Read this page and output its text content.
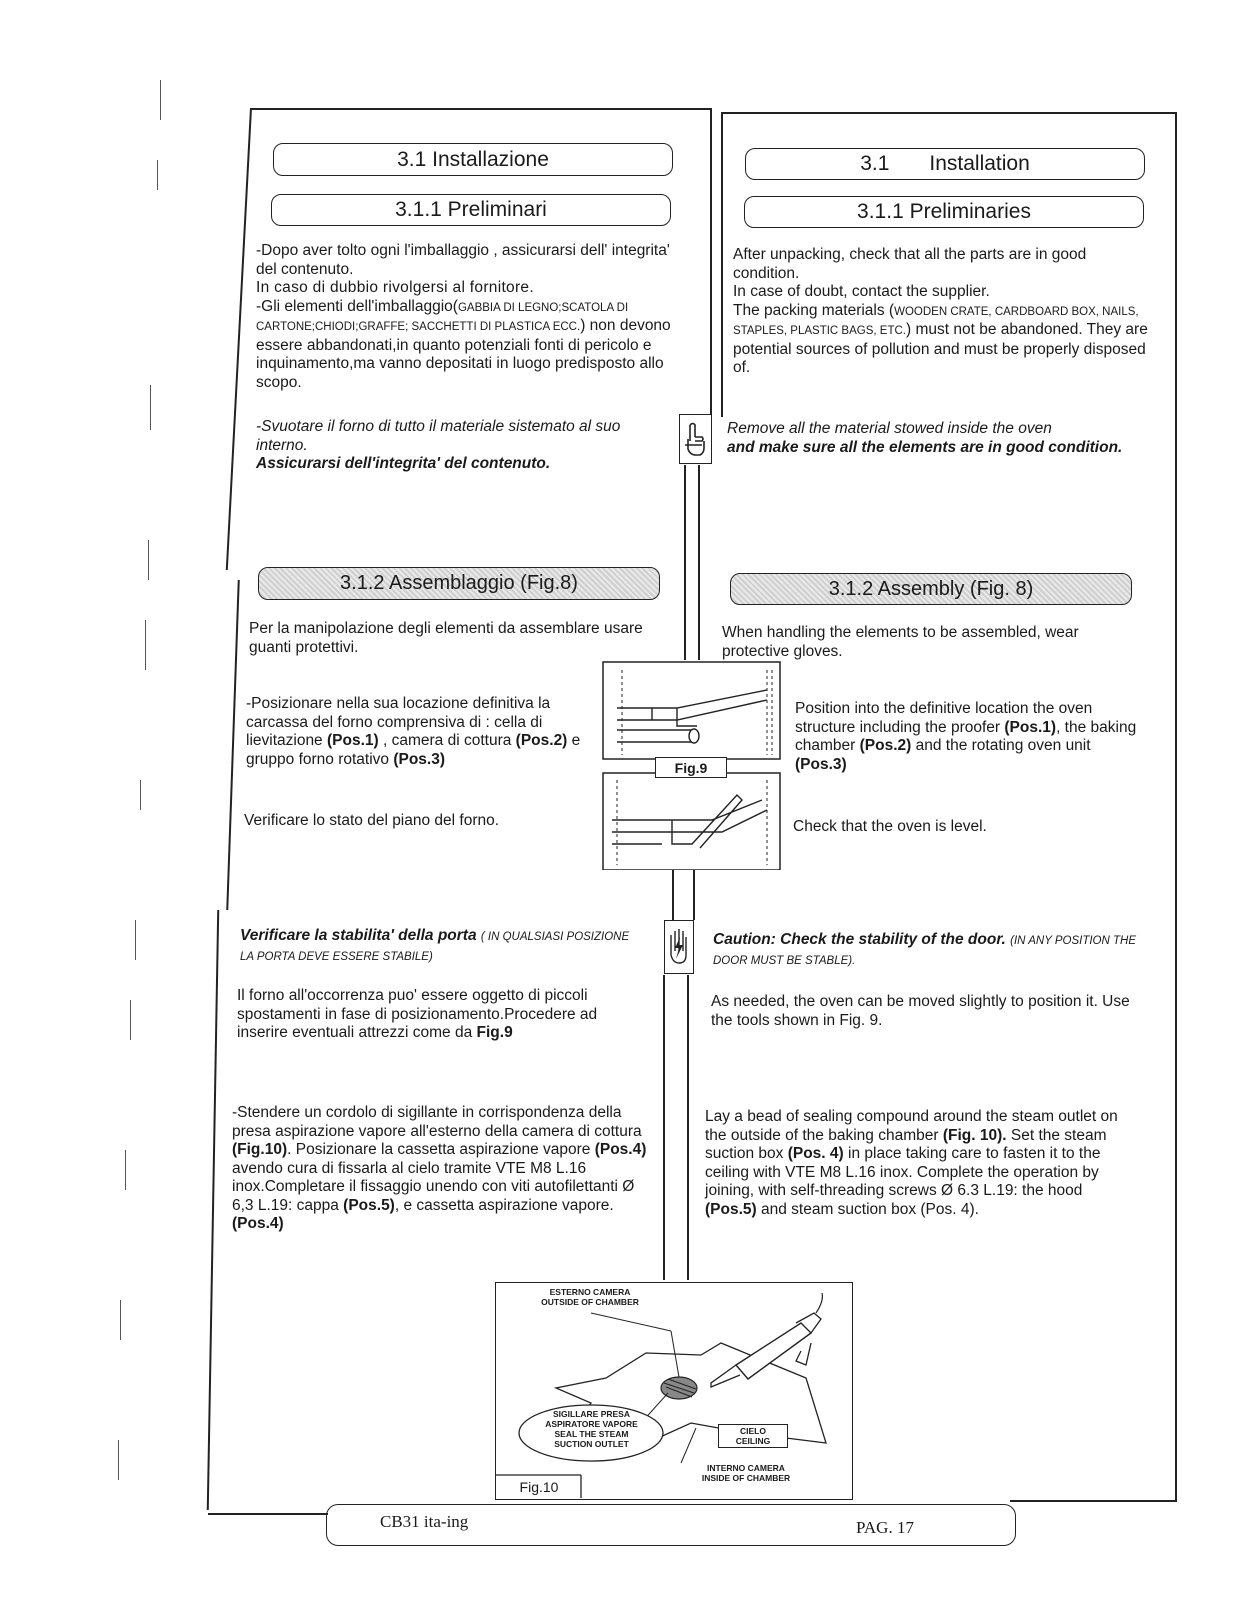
3.1 Installazione
3.1.1 Preliminari
-Dopo aver tolto ogni l'imballaggio , assicurarsi dell' integrita' del contenuto.
In caso di dubbio rivolgersi al fornitore.
-Gli elementi dell'imballaggio(GABBIA DI LEGNO;SCATOLA DI CARTONE;CHIODI;GRAFFE; SACCHETTI DI PLASTICA ECC.) non devono essere abbandonati,in quanto potenziali fonti di pericolo e inquinamento,ma vanno depositati in luogo predisposto allo scopo.
-Svuotare il forno di tutto il materiale sistemato al suo interno.
Assicurarsi dell'integrita' del contenuto.
3.1.2 Assemblaggio (Fig.8)
Per la manipolazione degli elementi da assemblare usare guanti protettivi.
-Posizionare nella sua locazione definitiva la carcassa del forno comprensiva di : cella di lievitazione (Pos.1) , camera di cottura (Pos.2) e gruppo forno rotativo (Pos.3)
Verificare lo stato del piano del forno.
Verificare la stabilita' della porta ( IN QUALSIASI POSIZIONE LA PORTA DEVE ESSERE STABILE)
Il forno all'occorrenza puo' essere oggetto di piccoli spostamenti in fase di posizionamento.Procedere ad inserire eventuali attrezzi come da Fig.9
-Stendere un cordolo di sigillante in corrispondenza della presa aspirazione vapore all'esterno della camera di cottura (Fig.10). Posizionare la cassetta aspirazione vapore (Pos.4) avendo cura di fissarla al cielo tramite VTE M8 L.16 inox.Completare il fissaggio unendo con viti autofilettanti Ø 6,3 L.19: cappa (Pos.5), e cassetta aspirazione vapore.(Pos.4)
3.1 Installation
3.1.1 Preliminaries
After unpacking, check that all the parts are in good condition.
In case of doubt, contact the supplier.
The packing materials (WOODEN CRATE, CARDBOARD BOX, NAILS, STAPLES, PLASTIC BAGS, ETC.) must not be abandoned. They are potential sources of pollution and must be properly disposed of.
Remove all the material stowed inside the oven
and make sure all the elements are in good condition.
3.1.2 Assembly (Fig. 8)
When handling the elements to be assembled, wear protective gloves.
Position into the definitive location the oven structure including the proofer (Pos.1), the baking chamber (Pos.2) and the rotating oven unit (Pos.3)
Check that the oven is level.
Fig.9
Caution: Check the stability of the door. (IN ANY POSITION THE DOOR MUST BE STABLE).
As needed, the oven can be moved slightly to position it. Use the tools shown in Fig. 9.
Lay a bead of sealing compound around the steam outlet on the outside of the baking chamber (Fig. 10). Set the steam suction box (Pos. 4) in place taking care to fasten it to the ceiling with VTE M8 L.16 inox. Complete the operation by joining, with self-threading screws Ø 6.3 L.19: the hood (Pos.5) and steam suction box (Pos. 4).
ESTERNO CAMERA
OUTSIDE OF CHAMBER
SIGILLARE PRESA
ASPIRATORE VAPORE
SEAL THE STEAM
SUCTION OUTLET
CIELO
CEILING
INTERNO CAMERA
INSIDE OF CHAMBER
Fig.10
CB31 ita-ing	PAG. 17
